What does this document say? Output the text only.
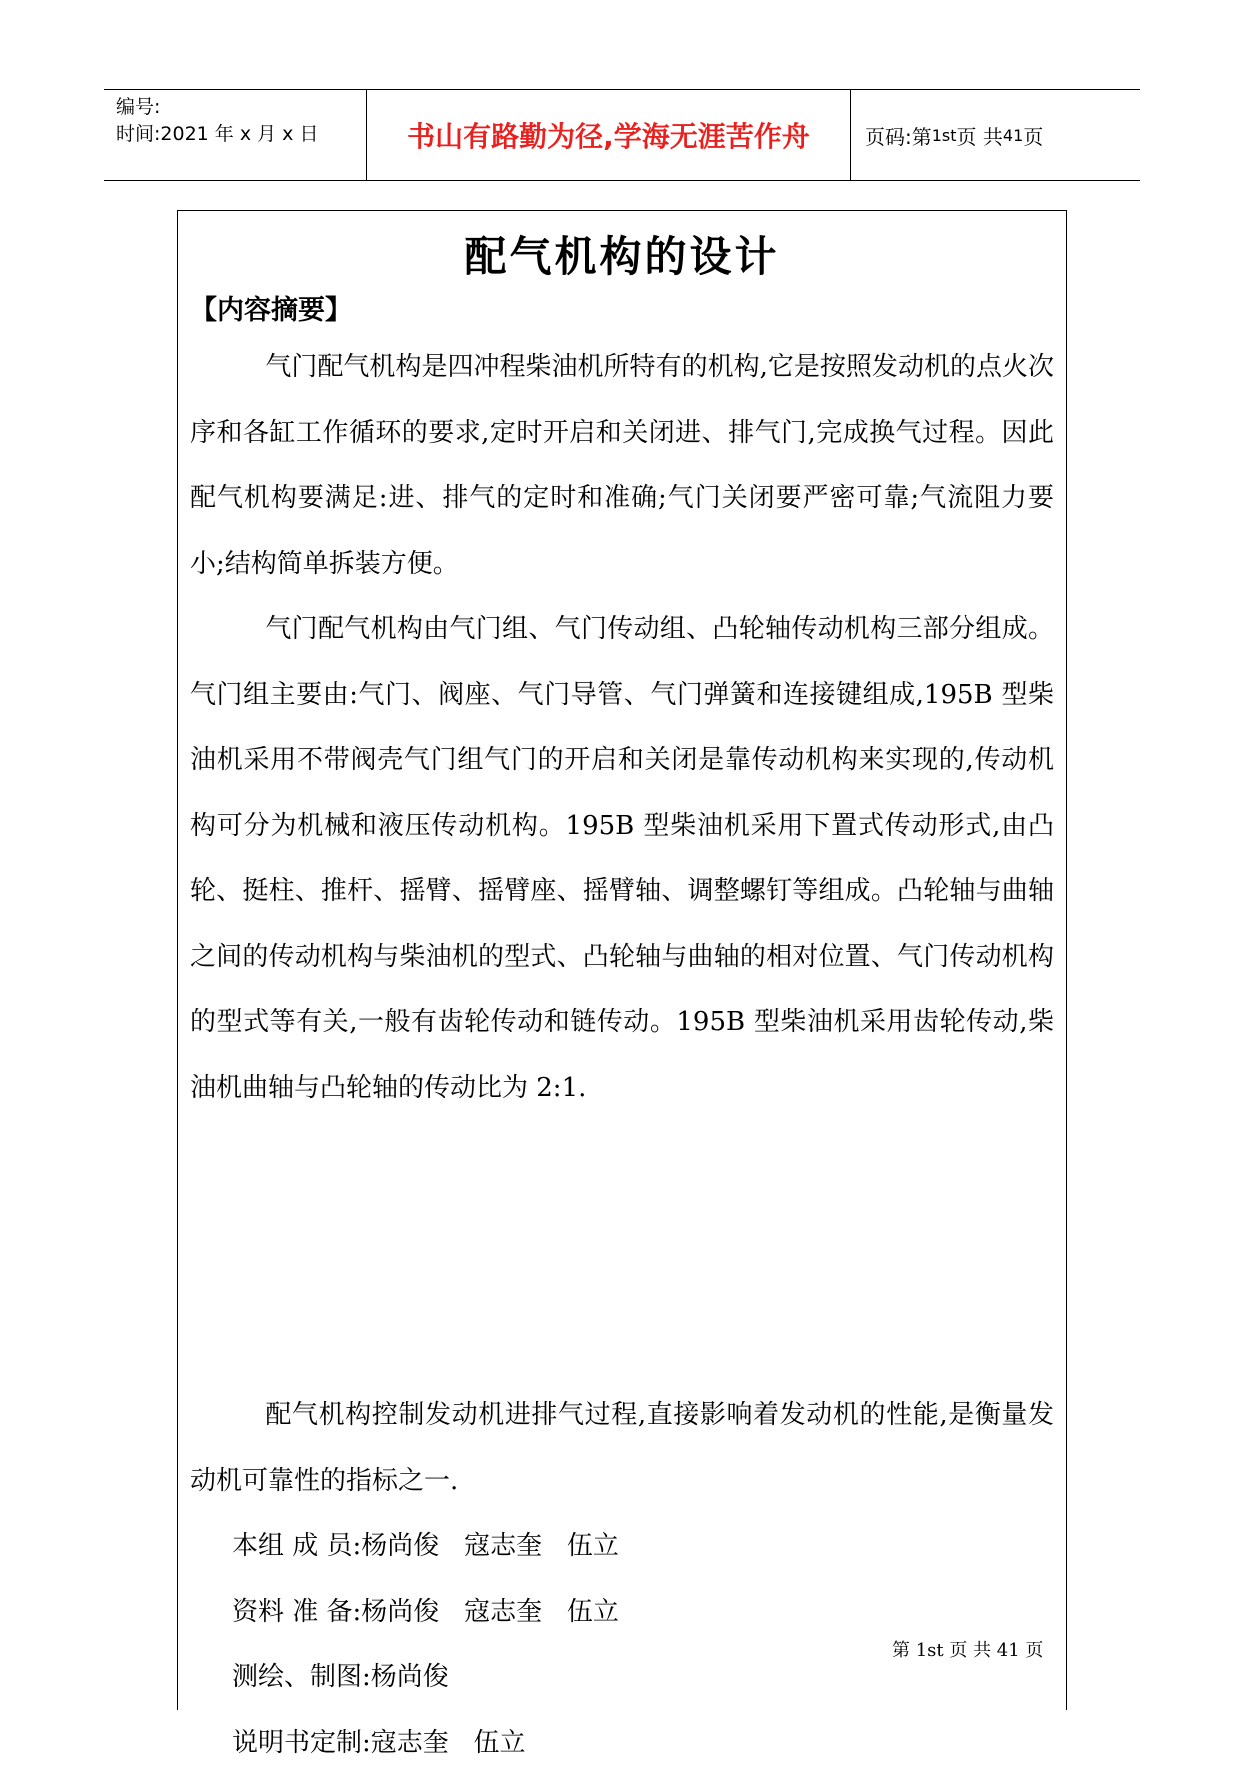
编号:
时间:2021 年 x 月 x 日	书山有路勤为径,学海无涯苦作舟	页码:第 1st 页 共 41 页
配气机构的设计
【内容摘要】

气门配气机构是四冲程柴油机所特有的机构,它是按照发动机的点火次序和各缸工作循环的要求,定时开启和关闭进、排气门,完成换气过程。因此配气机构要满足:进、排气的定时和准确;气门关闭要严密可靠;气流阻力要小;结构简单拆装方便。

气门配气机构由气门组、气门传动组、凸轮轴传动机构三部分组成。气门组主要由:气门、阀座、气门导管、气门弹簧和连接键组成,195B 型柴油机采用不带阀壳气门组气门的开启和关闭是靠传动机构来实现的,传动机构可分为机械和液压传动机构。195B 型柴油机采用下置式传动形式,由凸轮、挺柱、推杆、摇臂、摇臂座、摇臂轴、调整螺钉等组成。凸轮轴与曲轴之间的传动机构与柴油机的型式、凸轮轴与曲轴的相对位置、气门传动机构的型式等有关,一般有齿轮传动和链传动。195B 型柴油机采用齿轮传动,柴油机曲轴与凸轮轴的传动比为 2:1.

配气机构控制发动机进排气过程,直接影响着发动机的性能,是衡量发动机可靠性的指标之一.

本组 成 员:杨尚俊   寇志奎   伍立
资料 准 备:杨尚俊   寇志奎   伍立
测绘、制图:杨尚俊
说明书定制:寇志奎   伍立
第 1st 页 共 41 页
